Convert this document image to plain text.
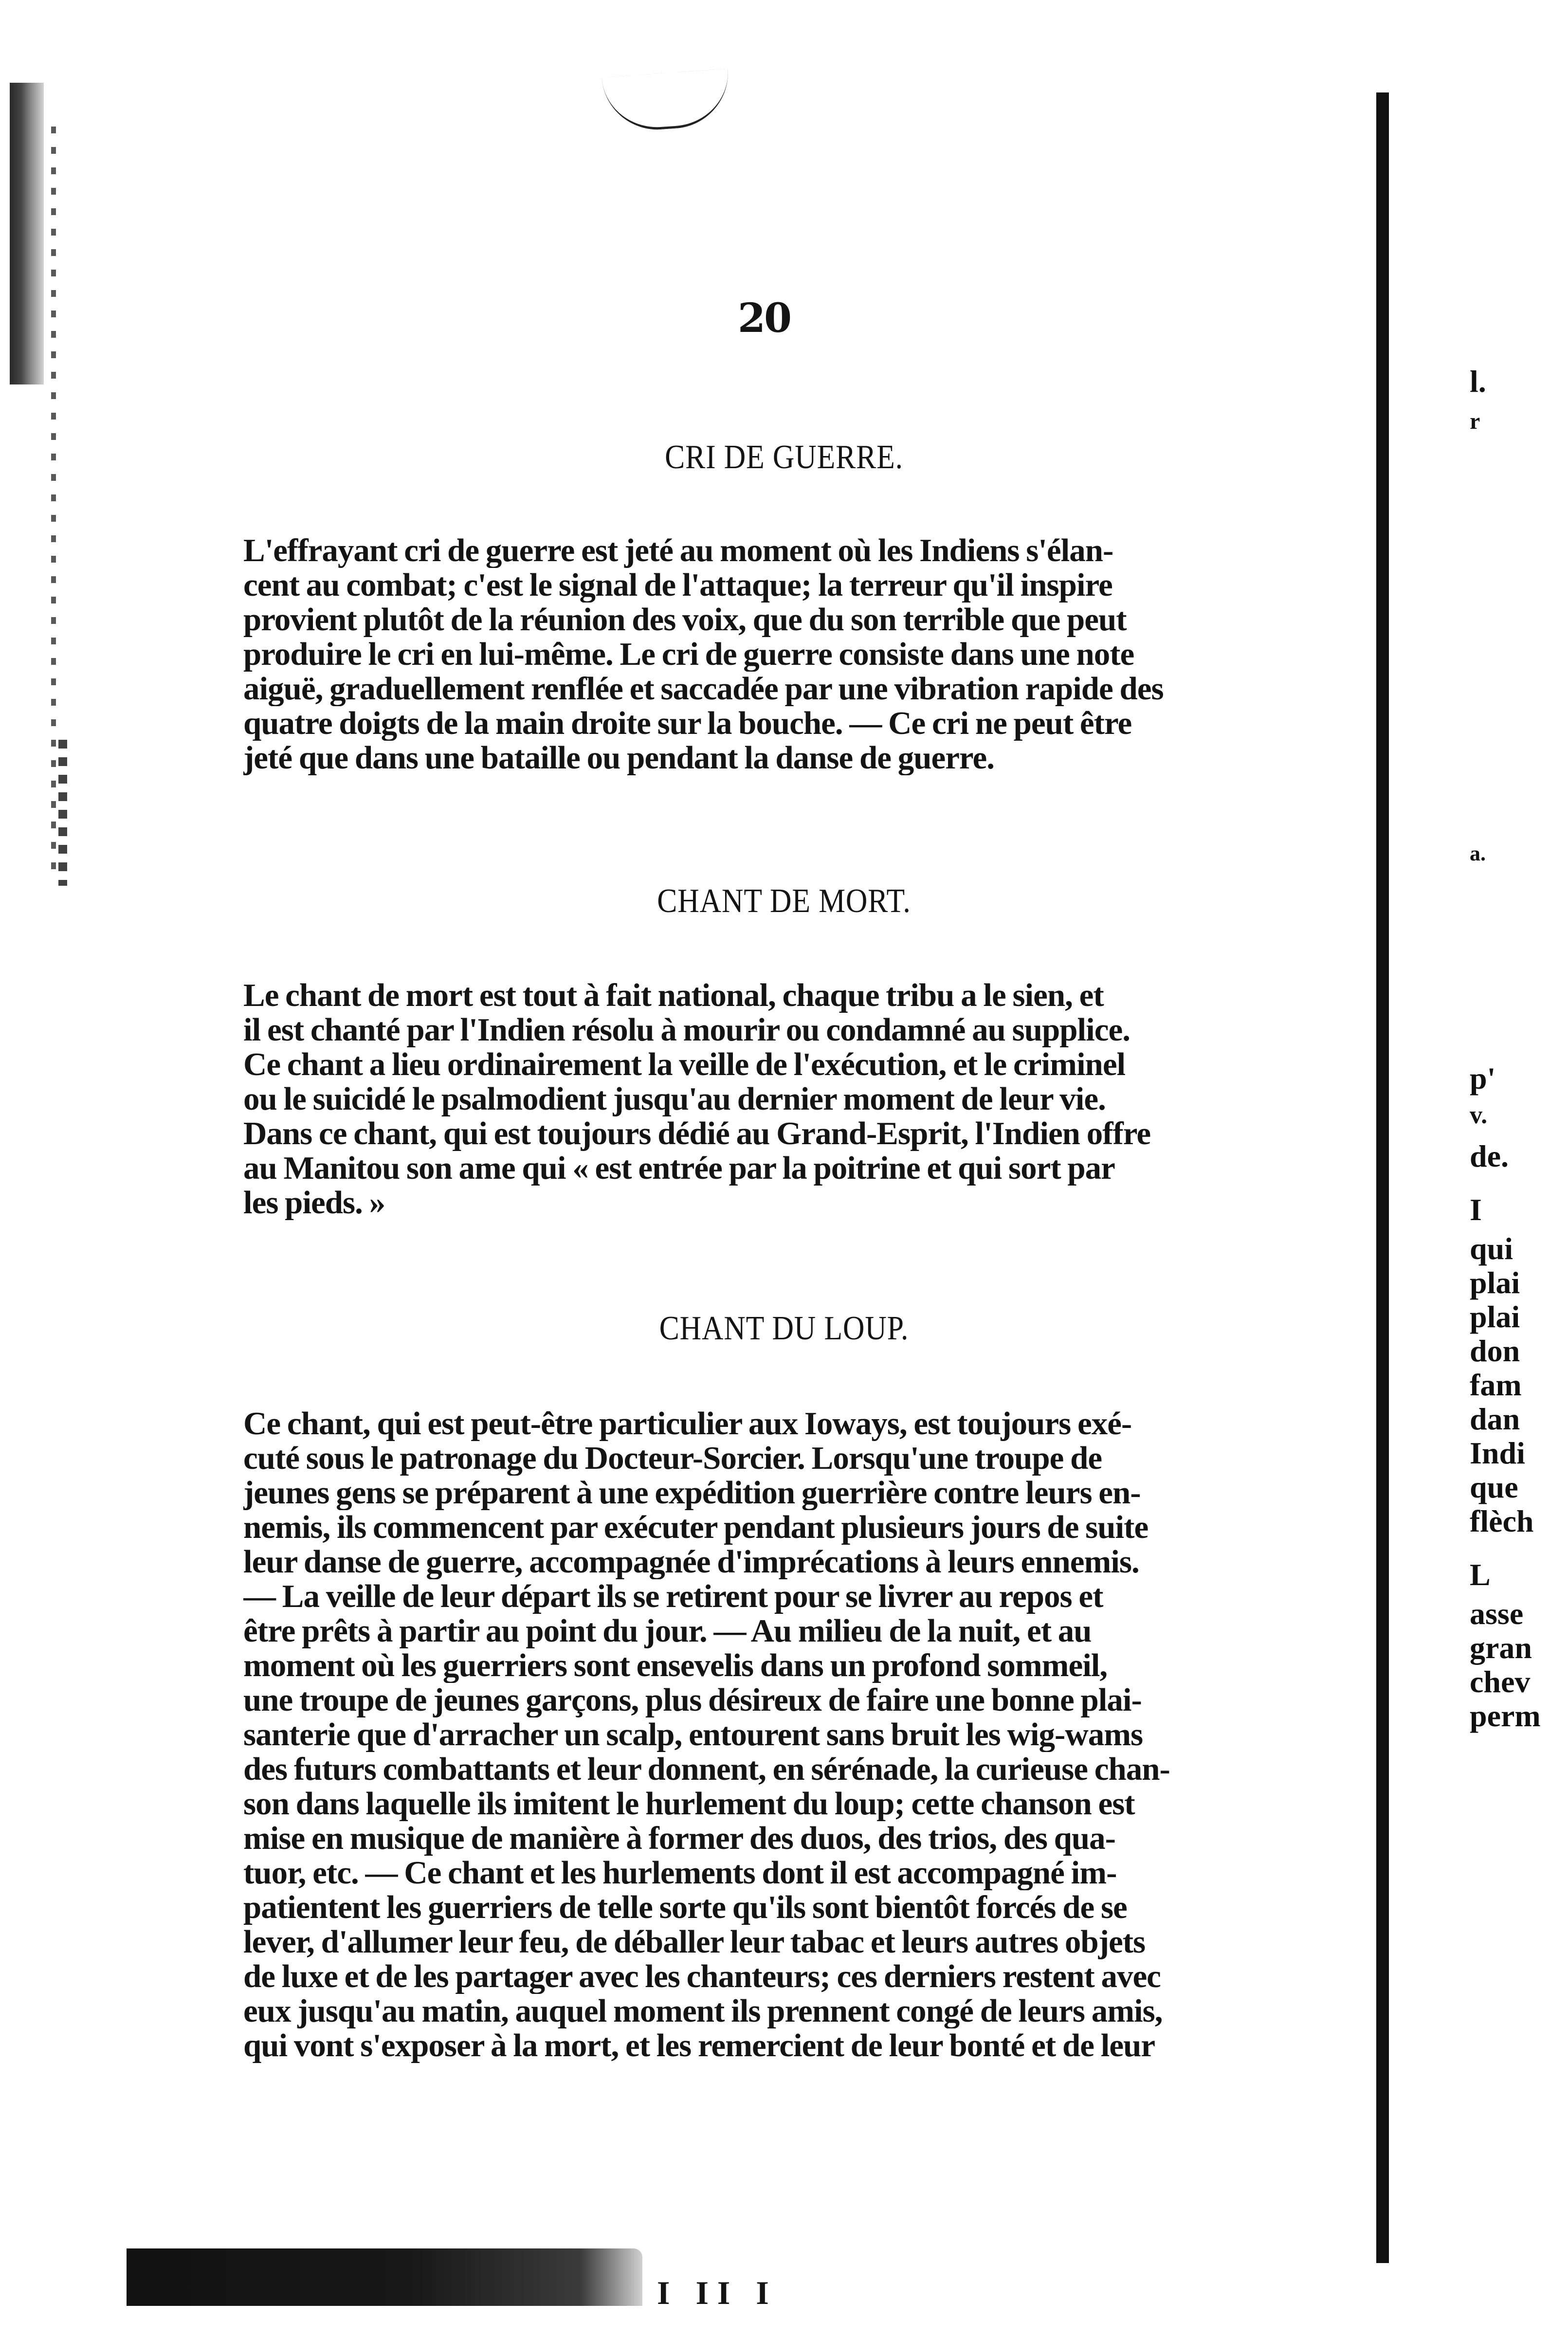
20
CRI DE GUERRE.
L'effrayant cri de guerre est jeté au moment où les Indiens s'élan-
cent au combat; c'est le signal de l'attaque; la terreur qu'il inspire
provient plutôt de la réunion des voix, que du son terrible que peut
produire le cri en lui-même. Le cri de guerre consiste dans une note
aiguë, graduellement renflée et saccadée par une vibration rapide des
quatre doigts de la main droite sur la bouche. — Ce cri ne peut être
jeté que dans une bataille ou pendant la danse de guerre.
CHANT DE MORT.
Le chant de mort est tout à fait national, chaque tribu a le sien, et
il est chanté par l'Indien résolu à mourir ou condamné au supplice.
Ce chant a lieu ordinairement la veille de l'exécution, et le criminel
ou le suicidé le psalmodient jusqu'au dernier moment de leur vie.
Dans ce chant, qui est toujours dédié au Grand-Esprit, l'Indien offre
au Manitou son ame qui « est entrée par la poitrine et qui sort par
les pieds. »
CHANT DU LOUP.
Ce chant, qui est peut-être particulier aux Ioways, est toujours exé-
cuté sous le patronage du Docteur-Sorcier. Lorsqu'une troupe de
jeunes gens se préparent à une expédition guerrière contre leurs en-
nemis, ils commencent par exécuter pendant plusieurs jours de suite
leur danse de guerre, accompagnée d'imprécations à leurs ennemis.
— La veille de leur départ ils se retirent pour se livrer au repos et
être prêts à partir au point du jour. — Au milieu de la nuit, et au
moment où les guerriers sont ensevelis dans un profond sommeil,
une troupe de jeunes garçons, plus désireux de faire une bonne plai-
santerie que d'arracher un scalp, entourent sans bruit les wig-wams
des futurs combattants et leur donnent, en sérénade, la curieuse chan-
son dans laquelle ils imitent le hurlement du loup; cette chanson est
mise en musique de manière à former des duos, des trios, des qua-
tuor, etc. — Ce chant et les hurlements dont il est accompagné im-
patientent les guerriers de telle sorte qu'ils sont bientôt forcés de se
lever, d'allumer leur feu, de déballer leur tabac et leurs autres objets
de luxe et de les partager avec les chanteurs; ces derniers restent avec
eux jusqu'au matin, auquel moment ils prennent congé de leurs amis,
qui vont s'exposer à la mort, et les remercient de leur bonté et de leur
l.
r
a.
p'
v.
de.
I
qui
plai
plai
don
fam
dan
Indi
que
flèch
L
asse
gran
chev
perm
I II I
